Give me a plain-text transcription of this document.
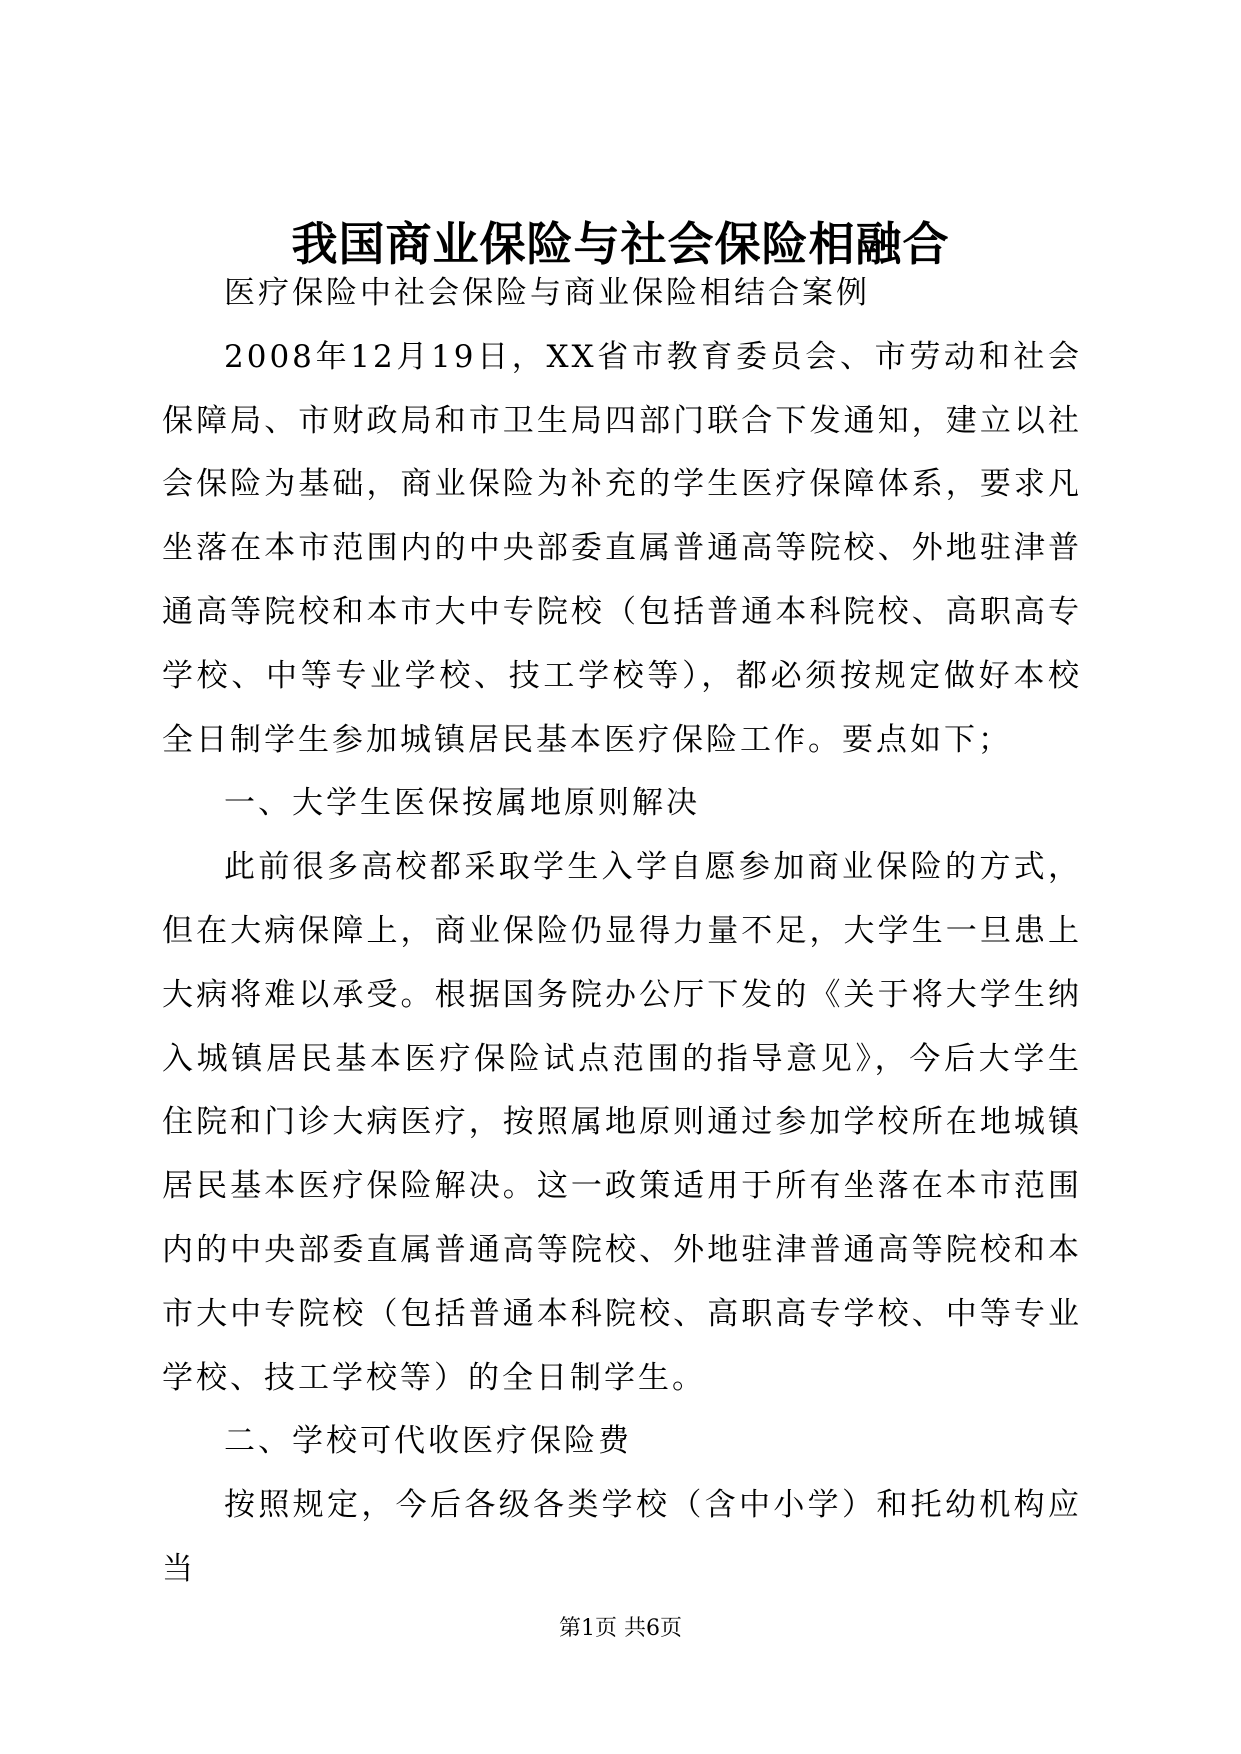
我国商业保险与社会保险相融合

医疗保险中社会保险与商业保险相结合案例

2008年12月19日，XX省市教育委员会、市劳动和社会保障局、市财政局和市卫生局四部门联合下发通知，建立以社会保险为基础，商业保险为补充的学生医疗保障体系，要求凡坐落在本市范围内的中央部委直属普通高等院校、外地驻津普通高等院校和本市大中专院校（包括普通本科院校、高职高专学校、中等专业学校、技工学校等），都必须按规定做好本校全日制学生参加城镇居民基本医疗保险工作。要点如下；

一、大学生医保按属地原则解决

此前很多高校都采取学生入学自愿参加商业保险的方式，但在大病保障上，商业保险仍显得力量不足，大学生一旦患上大病将难以承受。根据国务院办公厅下发的《关于将大学生纳入城镇居民基本医疗保险试点范围的指导意见》，今后大学生住院和门诊大病医疗，按照属地原则通过参加学校所在地城镇居民基本医疗保险解决。这一政策适用于所有坐落在本市范围内的中央部委直属普通高等院校、外地驻津普通高等院校和本市大中专院校（包括普通本科院校、高职高专学校、中等专业学校、技工学校等）的全日制学生。

二、学校可代收医疗保险费

按照规定，今后各级各类学校（含中小学）和托幼机构应当

第1页 共6页
